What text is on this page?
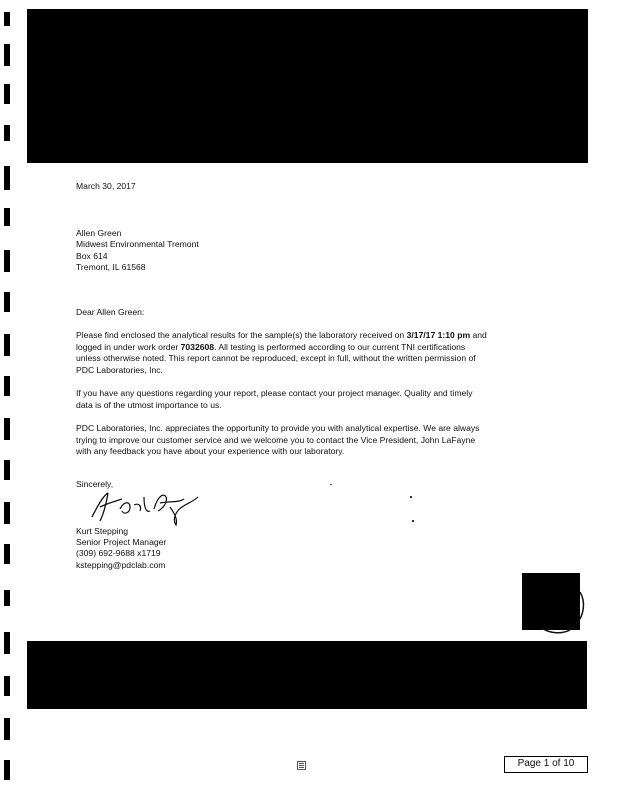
March 30, 2017
Allen Green
Midwest Environmental Tremont
Box 614
Tremont, IL 61568
Dear Allen Green:

Please find enclosed the analytical results for the sample(s) the laboratory received on 3/17/17 1:10 pm and

logged in under work order 7032608. All testing is performed according to our current TNI certifications

unless otherwise noted. This report cannot be reproduced, except in full, without the written permission of

PDC Laboratories, Inc.

If you have any questions regarding your report, please contact your project manager. Quality and timely

data is of the utmost importance to us.

PDC Laboratories, Inc. appreciates the opportunity to provide you with analytical expertise. We are always

trying to improve our customer service and we welcome you to contact the Vice President, John LaFayne

with any feedback you have about your experience with our laboratory.

Sincerely,
Kurt Stepping
Senior Project Manager
(309) 692-9688 x1719
kstepping@pdclab.com
Page 1 of 10
